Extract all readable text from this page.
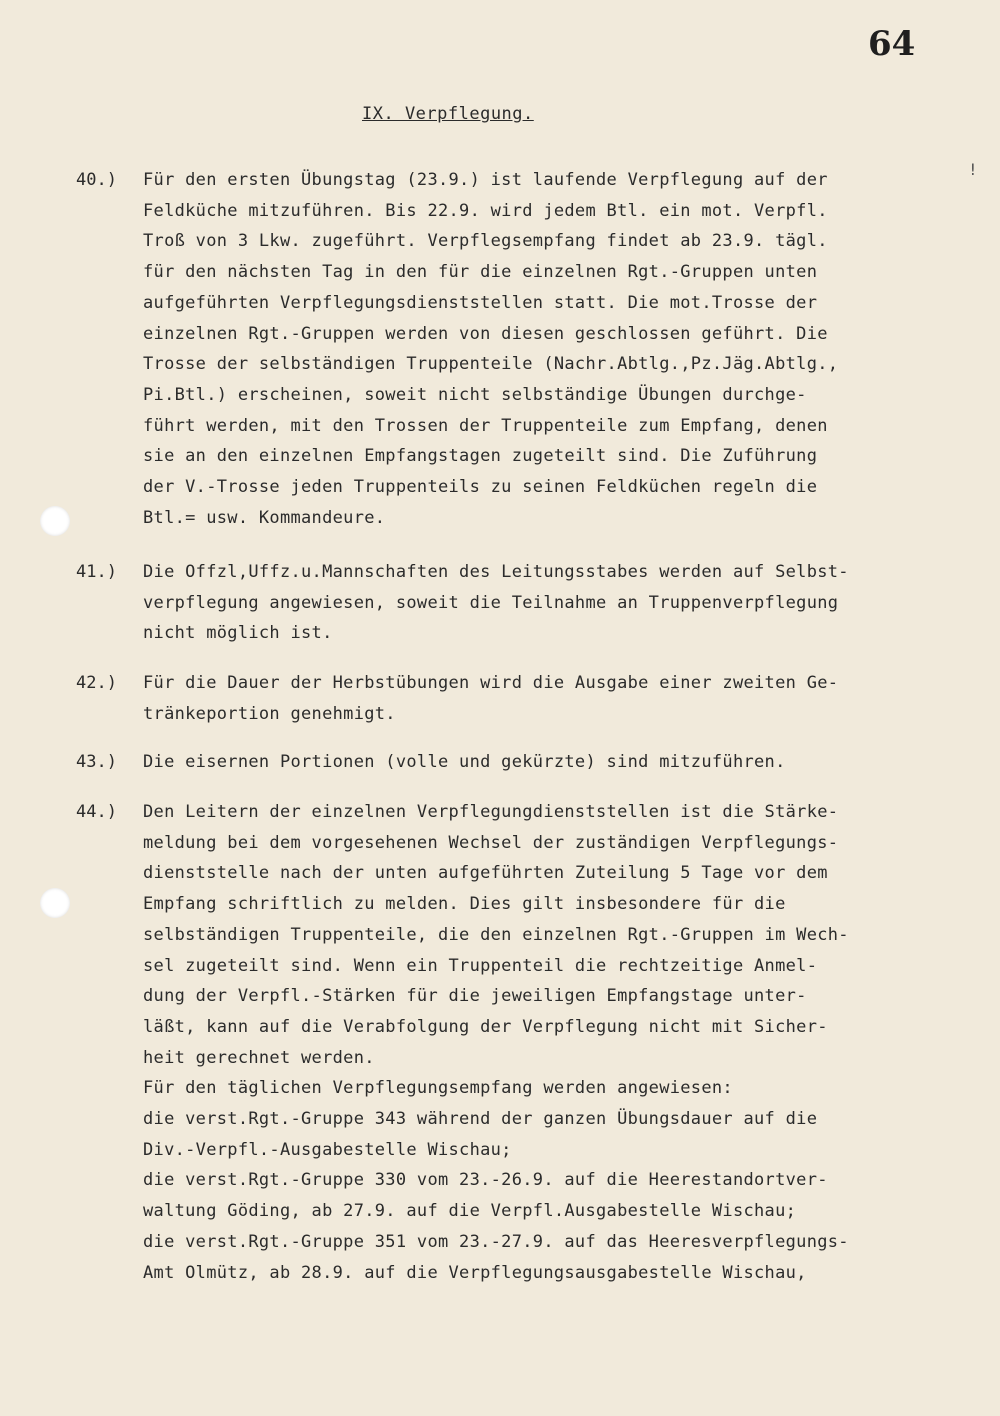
64
IX. Verpflegung.
!
40.) Für den ersten Übungstag (23.9.) ist laufende Verpflegung auf der
Feldküche mitzuführen. Bis 22.9. wird jedem Btl. ein mot. Verpfl.
Troß von 3 Lkw. zugeführt. Verpflegsempfang findet ab 23.9. tägl.
für den nächsten Tag in den für die einzelnen Rgt.-Gruppen unten
aufgeführten Verpflegungsdienststellen statt. Die mot.Trosse der
einzelnen Rgt.-Gruppen werden von diesen geschlossen geführt. Die
Trosse der selbständigen Truppenteile (Nachr.Abtlg.,Pz.Jäg.Abtlg.,
Pi.Btl.) erscheinen, soweit nicht selbständige Übungen durchge-
führt werden, mit den Trossen der Truppenteile zum Empfang, denen
sie an den einzelnen Empfangstagen zugeteilt sind. Die Zuführung
der V.-Trosse jeden Truppenteils zu seinen Feldküchen regeln die
Btl.= usw. Kommandeure.
41.) Die Offzl,Uffz.u.Mannschaften des Leitungsstabes werden auf Selbst-
verpflegung angewiesen, soweit die Teilnahme an Truppenverpflegung
nicht möglich ist.
42.) Für die Dauer der Herbstübungen wird die Ausgabe einer zweiten Ge-
tränkeportion genehmigt.
43.) Die eisernen Portionen (volle und gekürzte) sind mitzuführen.
44.) Den Leitern der einzelnen Verpflegungdienststellen ist die Stärke-
meldung bei dem vorgesehenen Wechsel der zuständigen Verpflegungs-
dienststelle nach der unten aufgeführten Zuteilung 5 Tage vor dem
Empfang schriftlich zu melden. Dies gilt insbesondere für die
selbständigen Truppenteile, die den einzelnen Rgt.-Gruppen im Wech-
sel zugeteilt sind. Wenn ein Truppenteil die rechtzeitige Anmel-
dung der Verpfl.-Stärken für die jeweiligen Empfangstage unter-
läßt, kann auf die Verabfolgung der Verpflegung nicht mit Sicher-
heit gerechnet werden.
Für den täglichen Verpflegungsempfang werden angewiesen:
die verst.Rgt.-Gruppe 343 während der ganzen Übungsdauer auf die
Div.-Verpfl.-Ausgabestelle Wischau;
die verst.Rgt.-Gruppe 330 vom 23.-26.9. auf die Heerestandortver-
waltung Göding, ab 27.9. auf die Verpfl.Ausgabestelle Wischau;
die verst.Rgt.-Gruppe 351 vom 23.-27.9. auf das Heeresverpflegungs-
Amt Olmütz, ab 28.9. auf die Verpflegungsausgabestelle Wischau,
